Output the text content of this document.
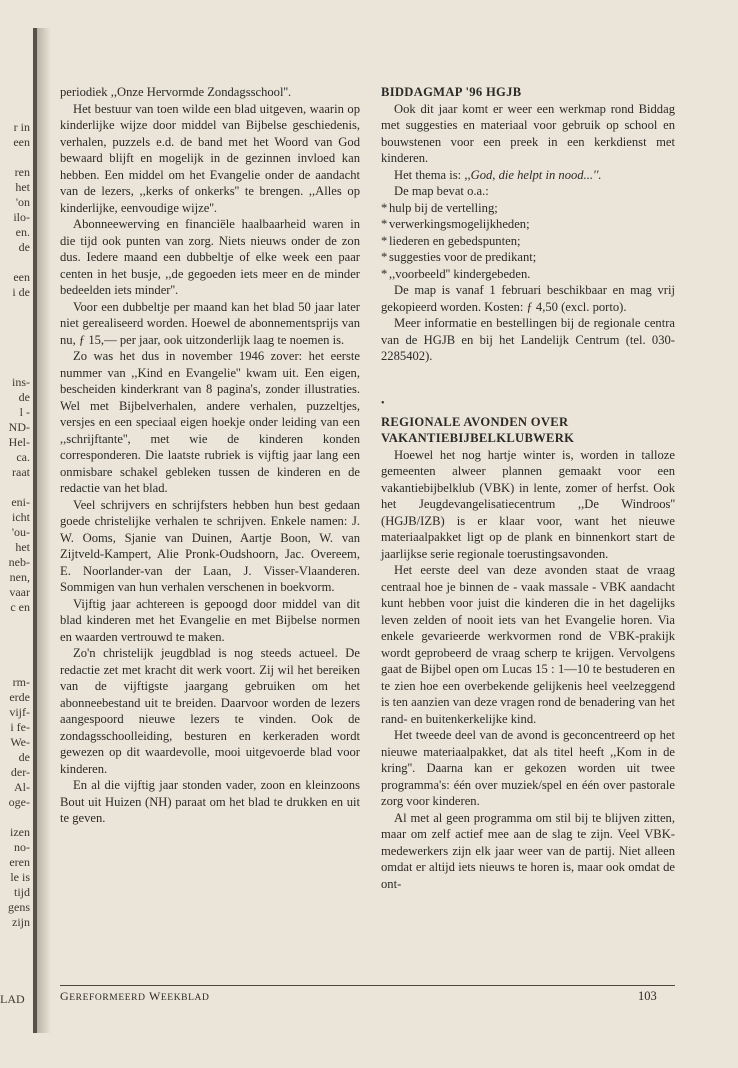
r in
een

ren
het
'on
ilo-
en.
de

een
i de

ins-
de
l -
ND-
Hel-
ca.
raat

eni-
icht
'ou-
het
neb-
nen,
vaar
c en

rm-
erde
vijf-
i fe-
We-
de
der-
Al-
oge-

izen
no-
eren
le is
tijd
gens
zijn
LAD

periodiek ,,Onze Hervormde Zondagsschool''.

Het bestuur van toen wilde een blad uitgeven, waarin op kinderlijke wijze door middel van Bijbelse geschiedenis, verhalen, puzzels e.d. de band met het Woord van God bewaard blijft en mogelijk in de gezinnen invloed kan hebben. Een middel om het Evangelie onder de aandacht van de lezers, ,,kerks of onkerks'' te brengen. ,,Alles op kinderlijke, eenvoudige wijze''.

Abonneewerving en financiële haalbaarheid waren in die tijd ook punten van zorg. Niets nieuws onder de zon dus. Iedere maand een dubbeltje of elke week een paar centen in het busje, ,,de gegoeden iets meer en de minder bedeelden iets minder''.

Voor een dubbeltje per maand kan het blad 50 jaar later niet gerealiseerd worden. Hoewel de abonnementsprijs van nu, ƒ 15,— per jaar, ook uitzonderlijk laag te noemen is.

Zo was het dus in november 1946 zover: het eerste nummer van ,,Kind en Evangelie'' kwam uit. Een eigen, bescheiden kinderkrant van 8 pagina's, zonder illustraties. Wel met Bijbelverhalen, andere verhalen, puzzeltjes, versjes en een speciaal eigen hoekje onder leiding van een ,,schrijftante'', met wie de kinderen konden corresponderen. Die laatste rubriek is vijftig jaar lang een onmisbare schakel gebleken tussen de kinderen en de redactie van het blad.

Veel schrijvers en schrijfsters hebben hun best gedaan goede christelijke verhalen te schrijven. Enkele namen: J. W. Ooms, Sjanie van Duinen, Aartje Boon, W. van Zijtveld-Kampert, Alie Pronk-Oudshoorn, Jac. Overeem, E. Noorlander-van der Laan, J. Visser-Vlaanderen. Sommigen van hun verhalen verschenen in boekvorm.

Vijftig jaar achtereen is gepoogd door middel van dit blad kinderen met het Evangelie en met Bijbelse normen en waarden vertrouwd te maken.

Zo'n christelijk jeugdblad is nog steeds actueel. De redactie zet met kracht dit werk voort. Zij wil het bereiken van de vijftigste jaargang gebruiken om het abonneebestand uit te breiden. Daarvoor worden de lezers aangespoord nieuwe lezers te vinden. Ook de zondagsschoolleiding, besturen en kerkeraden wordt gewezen op dit waardevolle, mooi uitgevoerde blad voor kinderen.

En al die vijftig jaar stonden vader, zoon en kleinzoons Bout uit Huizen (NH) paraat om het blad te drukken en uit te geven.

BIDDAGMAP '96 HGJB

Ook dit jaar komt er weer een werkmap rond Biddag met suggesties en materiaal voor gebruik op school en bouwstenen voor een preek in een kerkdienst met kinderen.

Het thema is: ,,God, die helpt in nood...''.

De map bevat o.a.:

* hulp bij de vertelling;
* verwerkingsmogelijkheden;
* liederen en gebedspunten;
* suggesties voor de predikant;
* ,,voorbeeld'' kindergebeden.

De map is vanaf 1 februari beschikbaar en mag vrij gekopieerd worden. Kosten: ƒ 4,50 (excl. porto).

Meer informatie en bestellingen bij de regionale centra van de HGJB en bij het Landelijk Centrum (tel. 030-2285402).

•

REGIONALE AVONDEN OVER
VAKANTIEBIJBELKLUBWERK

Hoewel het nog hartje winter is, worden in talloze gemeenten alweer plannen gemaakt voor een vakantiebijbelklub (VBK) in lente, zomer of herfst. Ook het Jeugdevangelisatiecentrum ,,De Windroos'' (HGJB/IZB) is er klaar voor, want het nieuwe materiaalpakket ligt op de plank en binnenkort start de jaarlijkse serie regionale toerustingsavonden.

Het eerste deel van deze avonden staat de vraag centraal hoe je binnen de - vaak massale - VBK aandacht kunt hebben voor juist die kinderen die in het dagelijks leven zelden of nooit iets van het Evangelie horen. Via enkele gevarieerde werkvormen rond de VBK-prakijk wordt geprobeerd de vraag scherp te krijgen. Vervolgens gaat de Bijbel open om Lucas 15 : 1—10 te bestuderen en te zien hoe een overbekende gelijkenis heel veelzeggend is ten aanzien van deze vragen rond de benadering van het rand- en buitenkerkelijke kind.

Het tweede deel van de avond is geconcentreerd op het nieuwe materiaalpakket, dat als titel heeft ,,Kom in de kring''. Daarna kan er gekozen worden uit twee programma's: één over muziek/spel en één over pastorale zorg voor kinderen.

Al met al geen programma om stil bij te blijven zitten, maar om zelf actief mee aan de slag te zijn. Veel VBK-medewerkers zijn elk jaar weer van de partij. Niet alleen omdat er altijd iets nieuws te horen is, maar ook omdat de ont-

GEREFORMEERD WEEKBLAD	103
